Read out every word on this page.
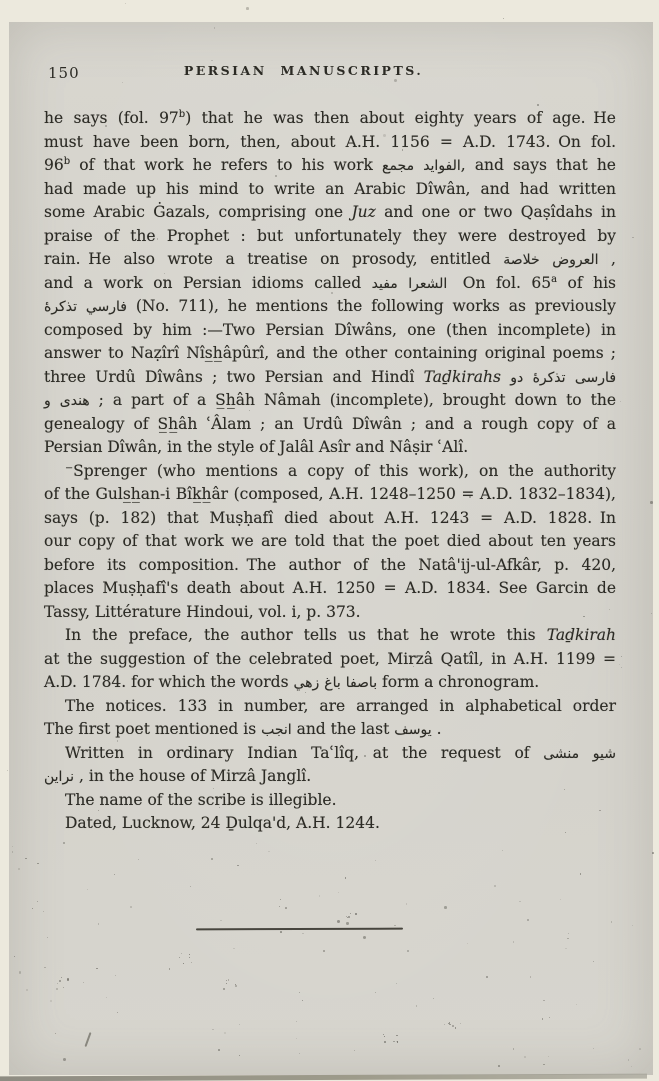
150	PERSIAN MANUSCRIPTS.
he says (fol. 97$^b$) that he was then about eighty years of age. He
must have been born, then, about A.H. 1156 = A.D. 1743. On fol.
96$^b$ of that work he refers to his work مجمع الفوايد, and says that he
had made up his mind to write an Arabic Dîwân, and had written
some Arabic Ġazals, comprising one Juz and one or two Qaṣîdahs in
praise of the Prophet : but unfortunately they were destroyed by
rain. He also wrote a treatise on prosody, entitled خلاصة العروض ,
and a work on Persian idioms called مفيد الشعرا  On fol. 65$^a$ of his
تذكرهٔ فارسي (No. 711), he mentions the following works as previously
composed by him :—Two Persian Dîwâns, one (then incomplete) in
answer to Naẓîrî Nîs̲h̲âpûrî, and the other containing original poems ;
three Urdû Dîwâns ; two Persian and Hindî Taḏkirahs دو تذكرهٔ فارسى
و هندى ; a part of a S̲h̲âh Nâmah (incomplete), brought down to the
genealogy of S̲h̲âh ʿÂlam ; an Urdû Dîwân ; and a rough copy of a
Persian Dîwân, in the style of Jalâl Asîr and Nâṣir ʿAlî.
⁻Sprenger (who mentions a copy of this work), on the authority
of the Guls̲h̲an-i Bîk̲h̲âr (composed, A.H. 1248–1250 = A.D. 1832–1834),
says (p. 182) that Muṣḥafî died about A.H. 1243 = A.D. 1828. In
our copy of that work we are told that the poet died about ten years
before its composition. The author of the Natâ'ij-ul-Afkâr, p. 420,
places Muṣḥafî's death about A.H. 1250 = A.D. 1834. See Garcin de
Tassy, Littérature Hindoui, vol. i, p. 373.
In the preface, the author tells us that he wrote this Taḏkirah
at the suggestion of the celebrated poet, Mirzâ Qatîl, in A.H. 1199 =
A.D. 1784. for which the words زهي باغ باصفا form a chronogram.
The notices. 133 in number, are arranged in alphabetical order
The first poet mentioned is انجب and the last يوسف .
Written in ordinary Indian Taʿlîq, at the request of منشى شيو
نراين , in the house of Mirzâ Janglî.
The name of the scribe is illegible.
Dated, Lucknow, 24 Ḏulqa'd, A.H. 1244.
